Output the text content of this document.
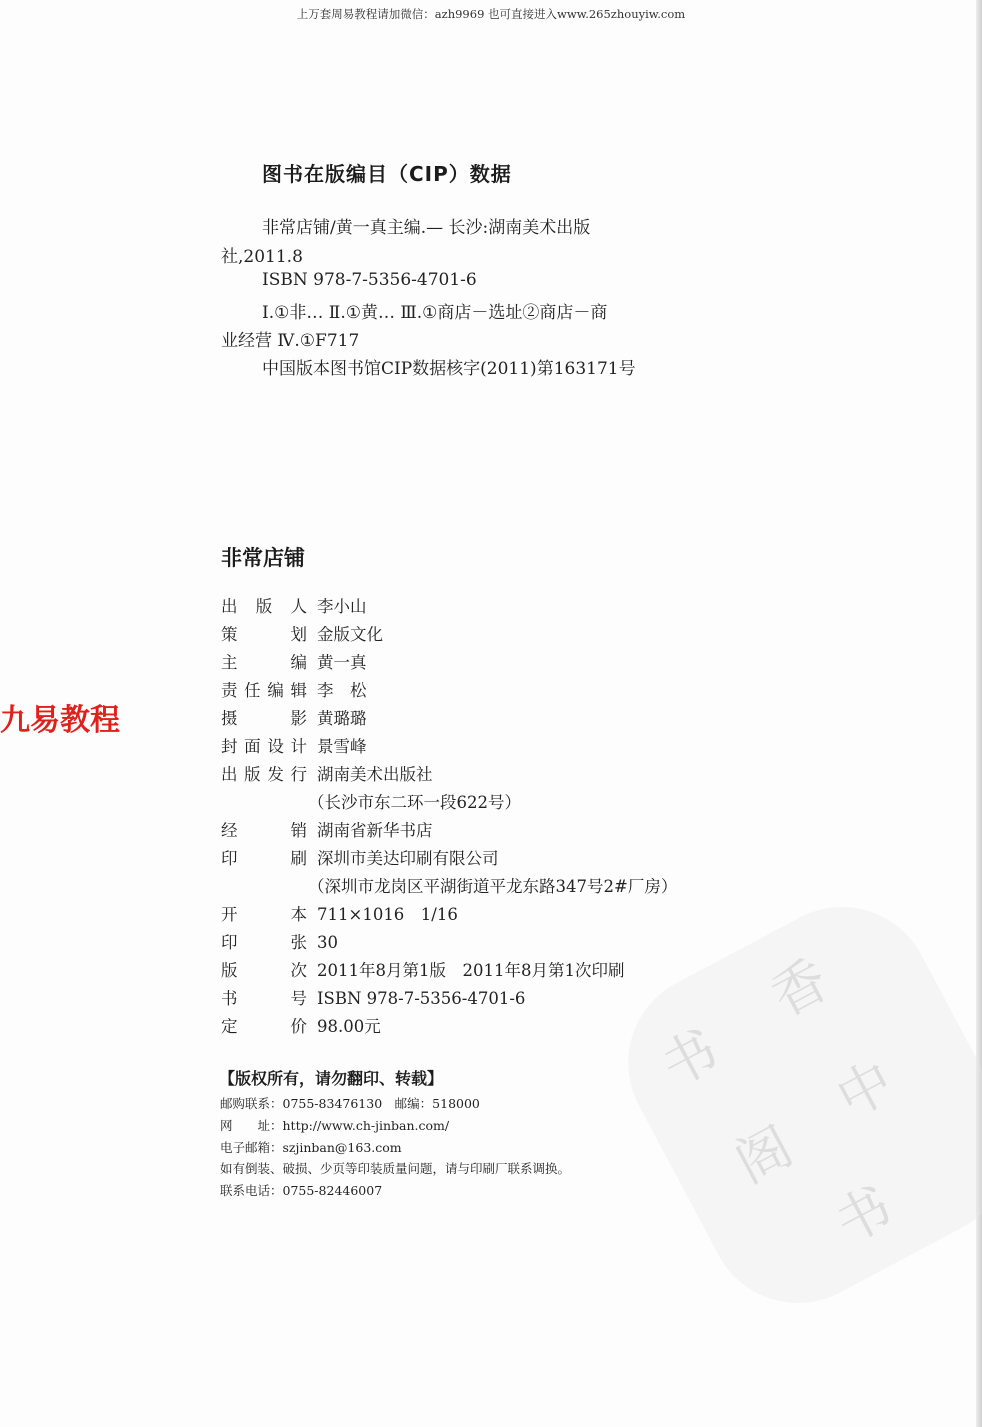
书
香
阁
中
书
上万套周易教程请加微信：azh9969 也可直接进入www.265zhouyiw.com
图书在版编目（CIP）数据
非常店铺/黄一真主编.— 长沙:湖南美术出版
社,2011.8
ISBN 978-7-5356-4701-6
Ⅰ.①非… Ⅱ.①黄… Ⅲ.①商店－选址②商店－商
业经营 Ⅳ.①F717
中国版本图书馆CIP数据核字(2011)第163171号
非常店铺
出版人 李小山
策划 金版文化
主编 黄一真
责任编辑 李　松
摄影 黄璐璐
封面设计 景雪峰
出版发行 湖南美术出版社
（长沙市东二环一段622号）
经销 湖南省新华书店
印刷 深圳市美达印刷有限公司
（深圳市龙岗区平湖街道平龙东路347号2#厂房）
开本 711×1016　1/16
印张 30
版次 2011年8月第1版　2011年8月第1次印刷
书号 ISBN 978-7-5356-4701-6
定价 98.00元
【版权所有，请勿翻印、转载】
邮购联系：0755-83476130　邮编：518000
网　　址：http://www.ch-jinban.com/
电子邮箱：szjinban@163.com
如有倒装、破损、少页等印装质量问题，请与印刷厂联系调换。
联系电话：0755-82446007
九易教程
